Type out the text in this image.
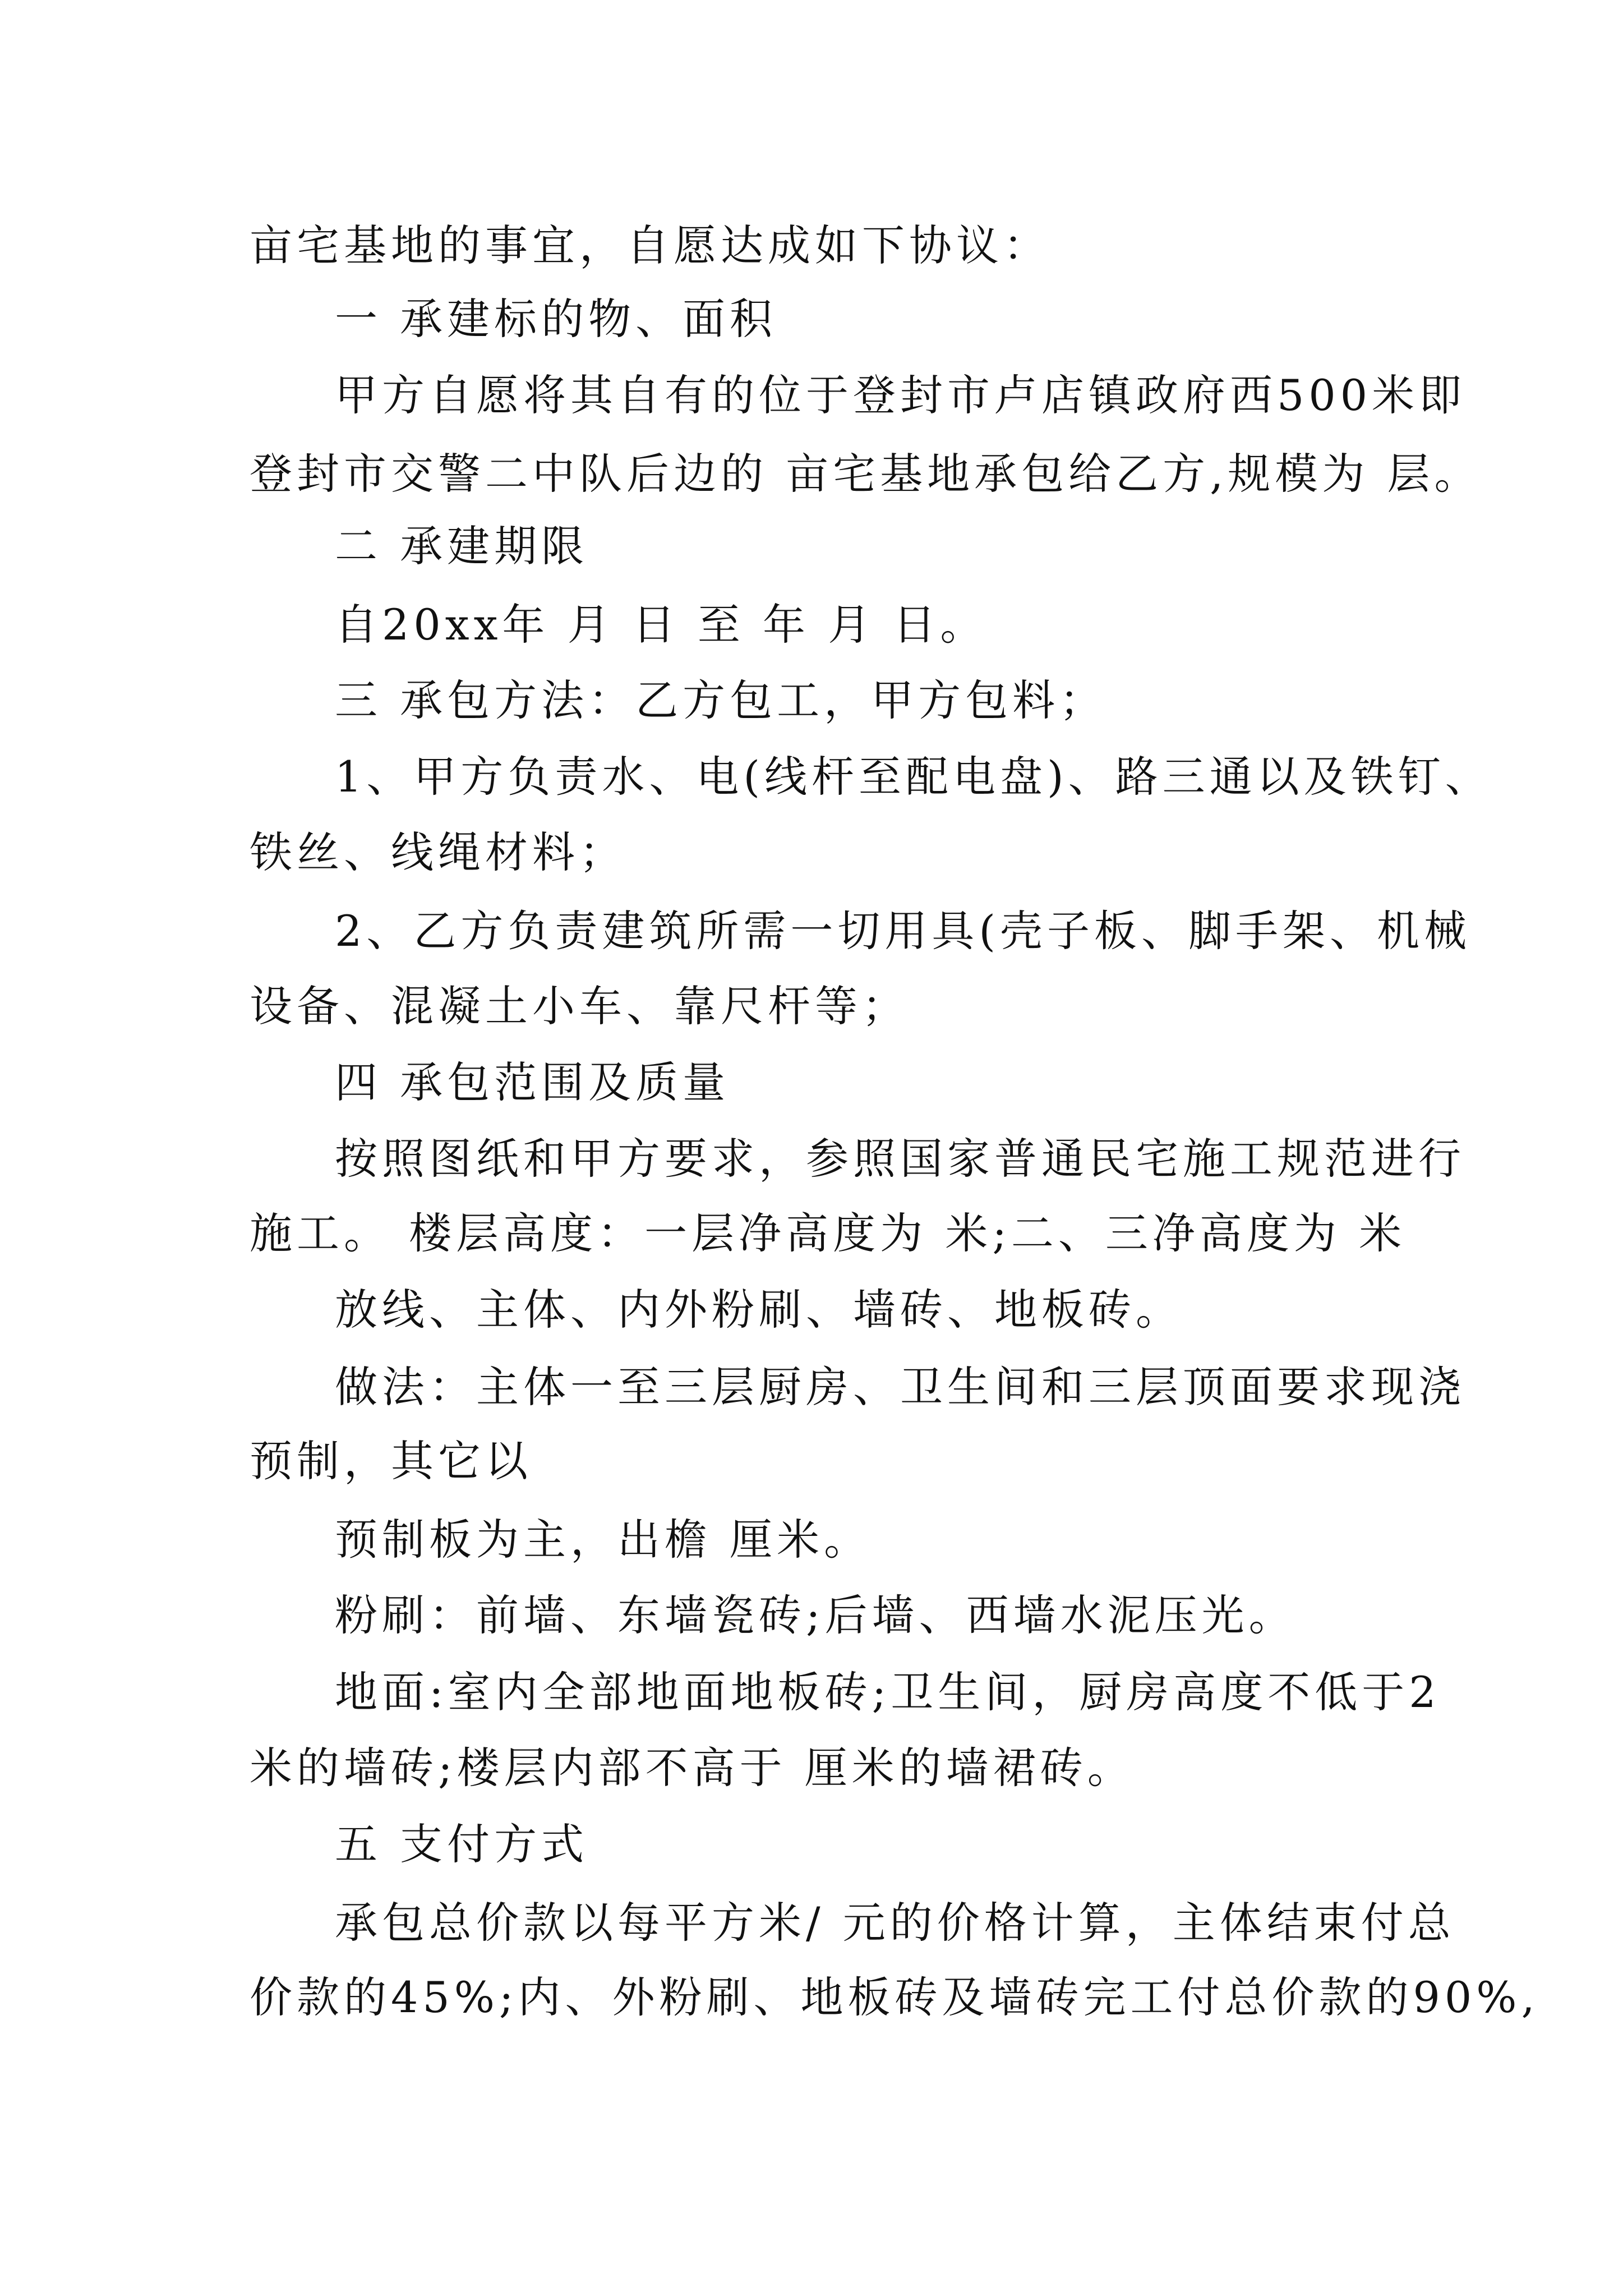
亩宅基地的事宜，自愿达成如下协议：
一 承建标的物、面积
甲方自愿将其自有的位于登封市卢店镇政府西500米即
登封市交警二中队后边的 亩宅基地承包给乙方,规模为 层。
二 承建期限
自20xx年 月 日 至 年 月 日。
三 承包方法：乙方包工，甲方包料；
1、甲方负责水、电(线杆至配电盘)、路三通以及铁钉、
铁丝、线绳材料；
2、乙方负责建筑所需一切用具(壳子板、脚手架、机械
设备、混凝土小车、靠尺杆等；
四 承包范围及质量
按照图纸和甲方要求，参照国家普通民宅施工规范进行
施工。 楼层高度：一层净高度为 米;二、三净高度为 米
放线、主体、内外粉刷、墙砖、地板砖。
做法：主体一至三层厨房、卫生间和三层顶面要求现浇
预制，其它以
预制板为主，出檐 厘米。
粉刷：前墙、东墙瓷砖;后墙、西墙水泥压光。
地面:室内全部地面地板砖;卫生间，厨房高度不低于2
米的墙砖;楼层内部不高于 厘米的墙裙砖。
五 支付方式
承包总价款以每平方米/ 元的价格计算，主体结束付总
价款的45%;内、外粉刷、地板砖及墙砖完工付总价款的90%,
